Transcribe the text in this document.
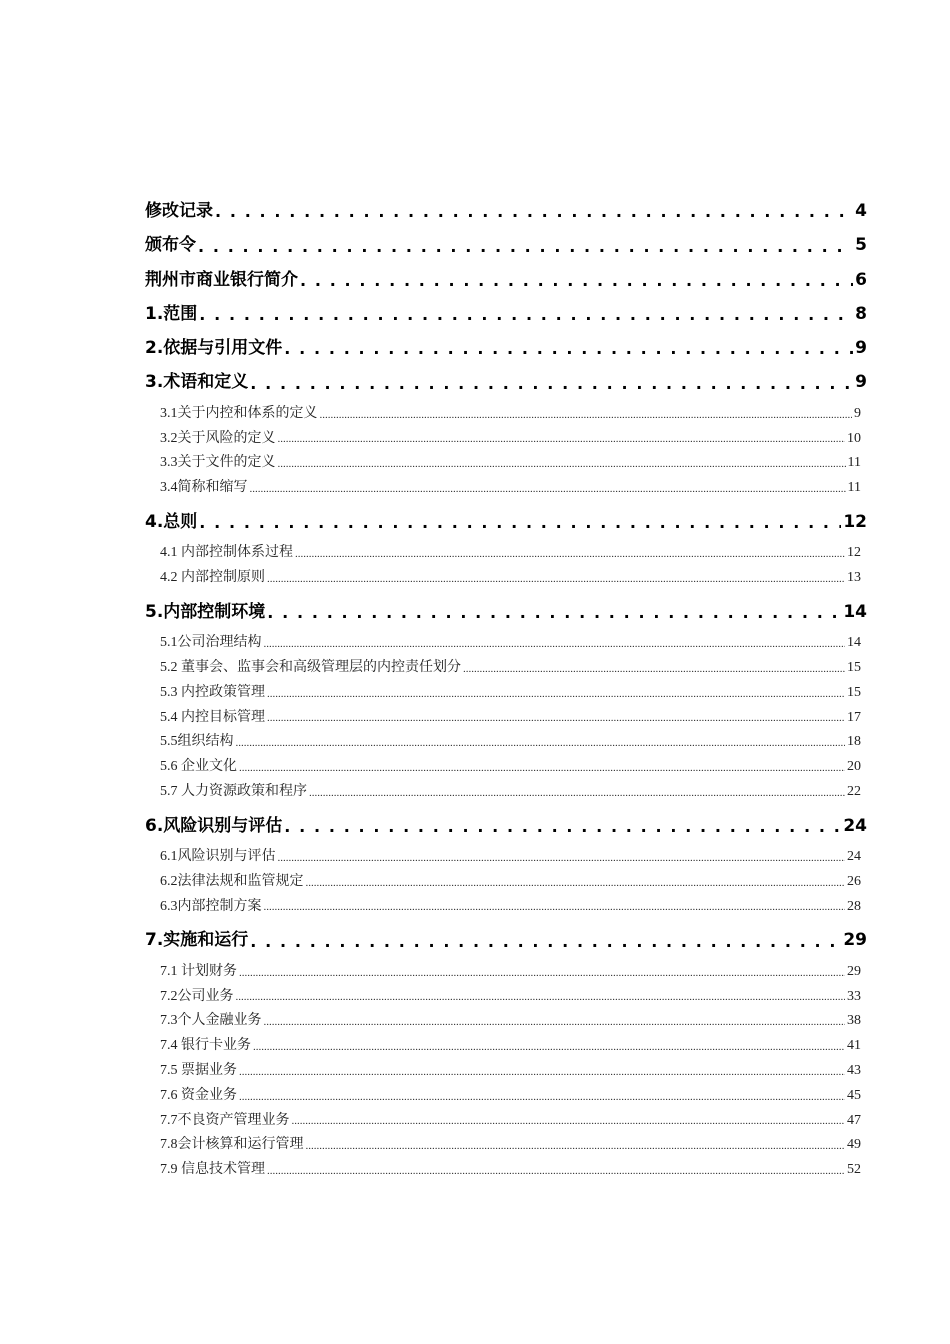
修改记录 . . .	4
颁布令 . . .	5
荆州市商业银行简介 . . .	6
1.范围 . . .	8
2.依据与引用文件 . . .	9
3.术语和定义 . . .	9
3.1关于内控和体系的定义 .....	9
3.2关于风险的定义 .....	10
3.3关于文件的定义 .....	11
3.4简称和缩写 .....	11
4.总则 . . .	12
4.1 内部控制体系过程 .....	12
4.2 内部控制原则 .....	13
5.内部控制环境 . . .	14
5.1公司治理结构 .....	14
5.2 董事会、监事会和高级管理层的内控责任划分 .....	15
5.3 内控政策管理 .....	15
5.4 内控目标管理 .....	17
5.5组织结构 .....	18
5.6 企业文化 .....	20
5.7 人力资源政策和程序 .....	22
6.风险识别与评估 . . .	24
6.1风险识别与评估 .....	24
6.2法律法规和监管规定 .....	26
6.3内部控制方案 .....	28
7.实施和运行 . . .	29
7.1 计划财务 .....	29
7.2公司业务 .....	33
7.3个人金融业务 .....	38
7.4 银行卡业务 .....	41
7.5 票据业务 .....	43
7.6 资金业务 .....	45
7.7不良资产管理业务 .....	47
7.8会计核算和运行管理 .....	49
7.9 信息技术管理 .....	52
